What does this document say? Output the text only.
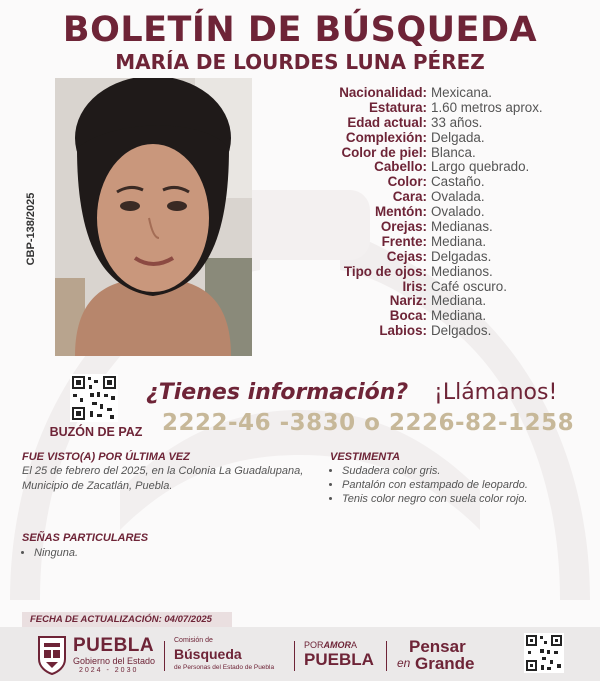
BOLETÍN DE BÚSQUEDA
MARÍA DE LOURDES LUNA PÉREZ
CBP-138/2025
Nacionalidad: Mexicana.
Estatura: 1.60 metros aprox.
Edad actual: 33 años.
Complexión: Delgada.
Color de piel: Blanca.
Cabello: Largo quebrado.
Color: Castaño.
Cara: Ovalada.
Mentón: Ovalado.
Orejas: Medianas.
Frente: Mediana.
Cejas: Delgadas.
Tipo de ojos: Medianos.
Iris: Café oscuro.
Nariz: Mediana.
Boca: Mediana.
Labios: Delgados.
BUZÓN DE PAZ
¿Tienes información? ¡Llámanos!
2222-46 -3830 o 2226-82-1258
FUE VISTO(A) POR ÚLTIMA VEZ
El 25 de febrero del 2025, en la Colonia La Guadalupana, Municipio de Zacatlán, Puebla.
VESTIMENTA
• Sudadera color gris.
• Pantalón con estampado de leopardo.
• Tenis color negro con suela color rojo.
SEÑAS PARTICULARES
• Ninguna.
FECHA DE ACTUALIZACIÓN: 04/07/2025
PUEBLA
Gobierno del Estado
2024 - 2030
Comisión de
Búsqueda
de Personas del Estado de Puebla
PORAMORA
PUEBLA
Pensar
en Grande
